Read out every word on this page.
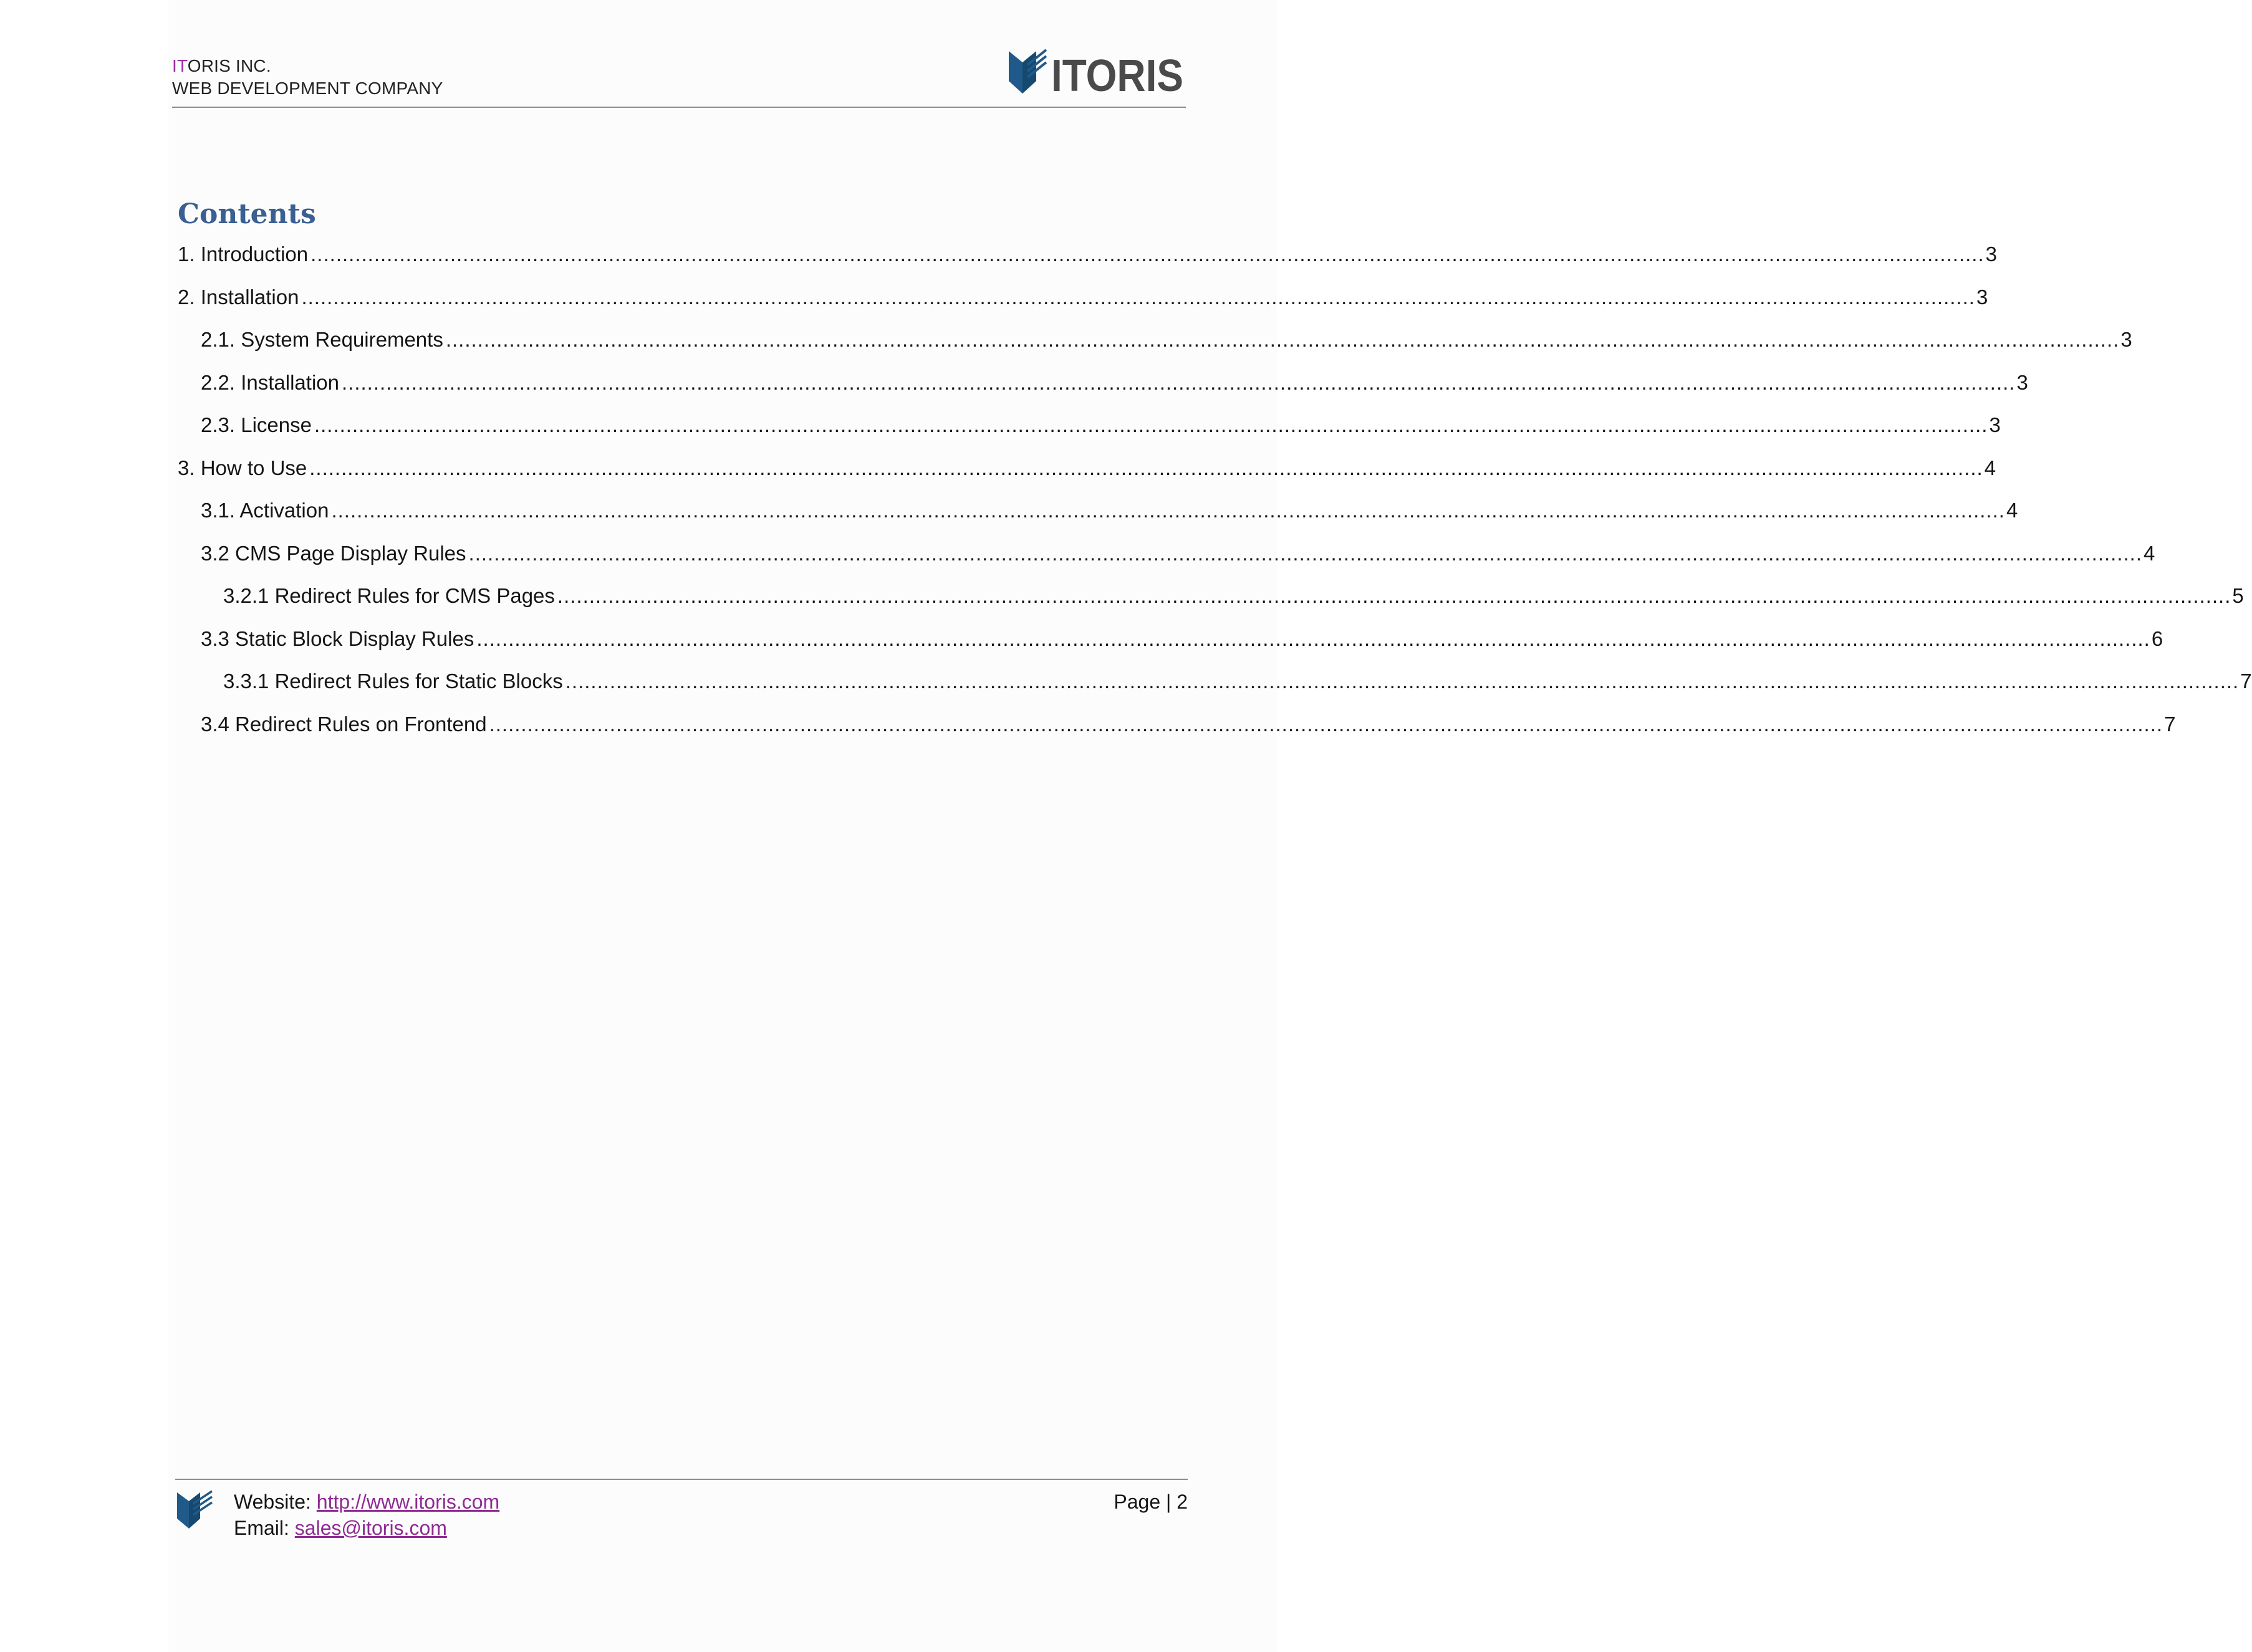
ITORIS INC.
WEB DEVELOPMENT COMPANY	ITORIS
Contents
1. Introduction .....	3
2. Installation .....	3
2.1. System Requirements .....	3
2.2. Installation .....	3
2.3. License .....	3
3. How to Use .....	4
3.1. Activation .....	4
3.2 CMS Page Display Rules .....	4
3.2.1 Redirect Rules for CMS Pages .....	5
3.3 Static Block Display Rules .....	6
3.3.1 Redirect Rules for Static Blocks .....	7
3.4 Redirect Rules on Frontend .....	7
Website: http://www.itoris.com
Email: sales@itoris.com
Page | 2
